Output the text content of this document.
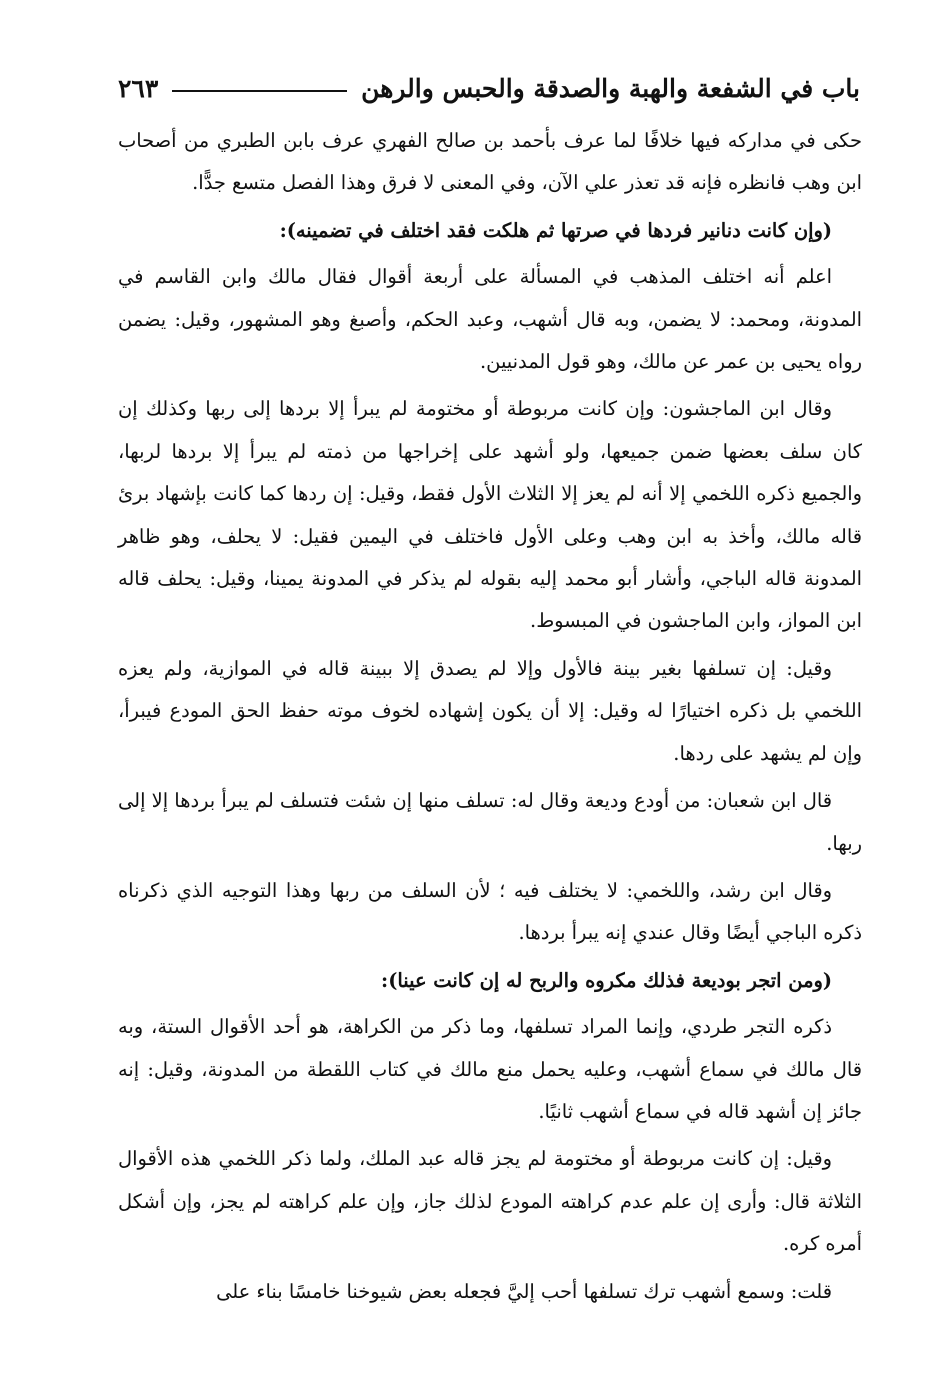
باب في الشفعة والهبة والصدقة والحبس والرهن
٢٦٣

حكى في مداركه فيها خلافًا لما عرف بأحمد بن صالح الفهري عرف بابن الطبري من أصحاب ابن وهب فانظره فإنه قد تعذر علي الآن، وفي المعنى لا فرق وهذا الفصل متسع جدًّا.

(وإن كانت دنانير فردها في صرتها ثم هلكت فقد اختلف في تضمينه):

اعلم أنه اختلف المذهب في المسألة على أربعة أقوال فقال مالك وابن القاسم في المدونة، ومحمد: لا يضمن، وبه قال أشهب، وعبد الحكم، وأصبغ وهو المشهور، وقيل: يضمن رواه يحيى بن عمر عن مالك، وهو قول المدنيين.

وقال ابن الماجشون: وإن كانت مربوطة أو مختومة لم يبرأ إلا بردها إلى ربها وكذلك إن كان سلف بعضها ضمن جميعها، ولو أشهد على إخراجها من ذمته لم يبرأ إلا بردها لربها، والجميع ذكره اللخمي إلا أنه لم يعز إلا الثلاث الأول فقط، وقيل: إن ردها كما كانت بإشهاد برئ قاله مالك، وأخذ به ابن وهب وعلى الأول فاختلف في اليمين فقيل: لا يحلف، وهو ظاهر المدونة قاله الباجي، وأشار أبو محمد إليه بقوله لم يذكر في المدونة يمينا، وقيل: يحلف قاله ابن المواز، وابن الماجشون في المبسوط.

وقيل: إن تسلفها بغير بينة فالأول وإلا لم يصدق إلا ببينة قاله في الموازية، ولم يعزه اللخمي بل ذكره اختيارًا له وقيل: إلا أن يكون إشهاده لخوف موته حفظ الحق المودع فيبرأ، وإن لم يشهد على ردها.

قال ابن شعبان: من أودع وديعة وقال له: تسلف منها إن شئت فتسلف لم يبرأ بردها إلا إلى ربها.

وقال ابن رشد، واللخمي: لا يختلف فيه ؛ لأن السلف من ربها وهذا التوجيه الذي ذكرناه ذكره الباجي أيضًا وقال عندي إنه يبرأ بردها.

(ومن اتجر بوديعة فذلك مكروه والربح له إن كانت عينا):

ذكره التجر طردي، وإنما المراد تسلفها، وما ذكر من الكراهة، هو أحد الأقوال الستة، وبه قال مالك في سماع أشهب، وعليه يحمل منع مالك في كتاب اللقطة من المدونة، وقيل: إنه جائز إن أشهد قاله في سماع أشهب ثانيًا.

وقيل: إن كانت مربوطة أو مختومة لم يجز قاله عبد الملك، ولما ذكر اللخمي هذه الأقوال الثلاثة قال: وأرى إن علم عدم كراهته المودع لذلك جاز، وإن علم كراهته لم يجز، وإن أشكل أمره كره.

قلت: وسمع أشهب ترك تسلفها أحب إليَّ فجعله بعض شيوخنا خامسًا بناء على
